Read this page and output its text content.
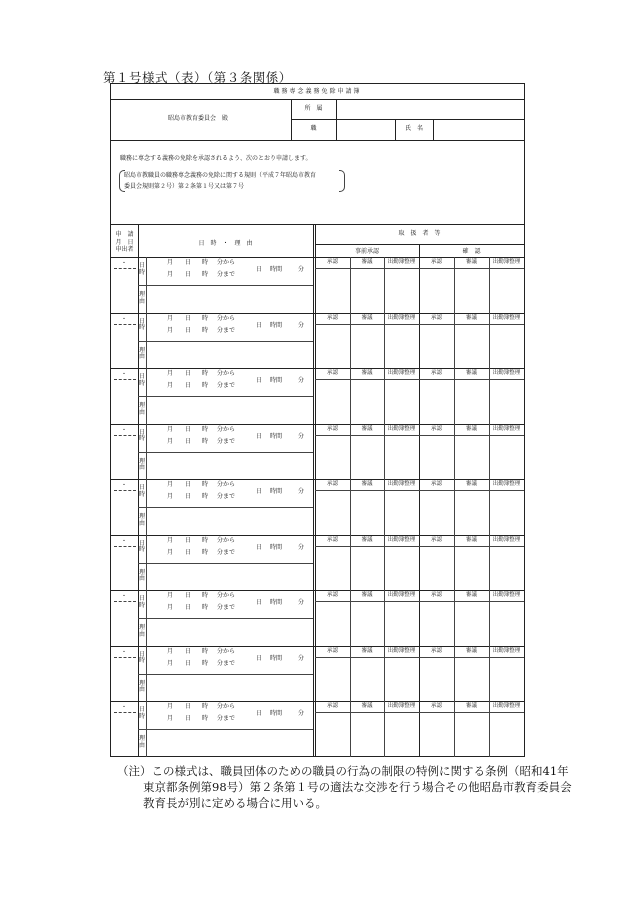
第１号様式（表）（第３条関係）
職務専念義務免除申請簿
昭島市教育委員会　殿
所　属
職	氏　名
職務に専念する義務の免除を承認されるよう、次のとおり申請します。
昭島市教職員の職務専念義務の免除に関する規則（平成７年昭島市教育
委員会規則第２号）第２条第１号又は第７号
申　請
月　日
申出者
日　時　・　理　由
取　扱　者　等
事前承認	確　認
・ 日
時
理
由
月 日 時 分から
月 日 時 分まで
日 時間	分
承認	審議	出勤簿整理	承認	審議	出勤簿整理
・ 日
時
理
由
月 日 時 分から
月 日 時 分まで
日 時間	分
承認	審議	出勤簿整理	承認	審議	出勤簿整理
・ 日
時
理
由
月 日 時 分から
月 日 時 分まで
日 時間	分
承認	審議	出勤簿整理	承認	審議	出勤簿整理
・ 日
時
理
由
月 日 時 分から
月 日 時 分まで
日 時間	分
承認	審議	出勤簿整理	承認	審議	出勤簿整理
・ 日
時
理
由
月 日 時 分から
月 日 時 分まで
日 時間	分
承認	審議	出勤簿整理	承認	審議	出勤簿整理
・ 日
時
理
由
月 日 時 分から
月 日 時 分まで
日 時間	分
承認	審議	出勤簿整理	承認	審議	出勤簿整理
・ 日
時
理
由
月 日 時 分から
月 日 時 分まで
日 時間	分
承認	審議	出勤簿整理	承認	審議	出勤簿整理
・ 日
時
理
由
月 日 時 分から
月 日 時 分まで
日 時間	分
承認	審議	出勤簿整理	承認	審議	出勤簿整理
・ 日
時
理
由
月 日 時 分から
月 日 時 分まで
日 時間	分
承認	審議	出勤簿整理	承認	審議	出勤簿整理
（注）この様式は、職員団体のための職員の行為の制限の特例に関する条例（昭和41年
東京都条例第98号）第２条第１号の適法な交渉を行う場合その他昭島市教育委員会
教育長が別に定める場合に用いる。
